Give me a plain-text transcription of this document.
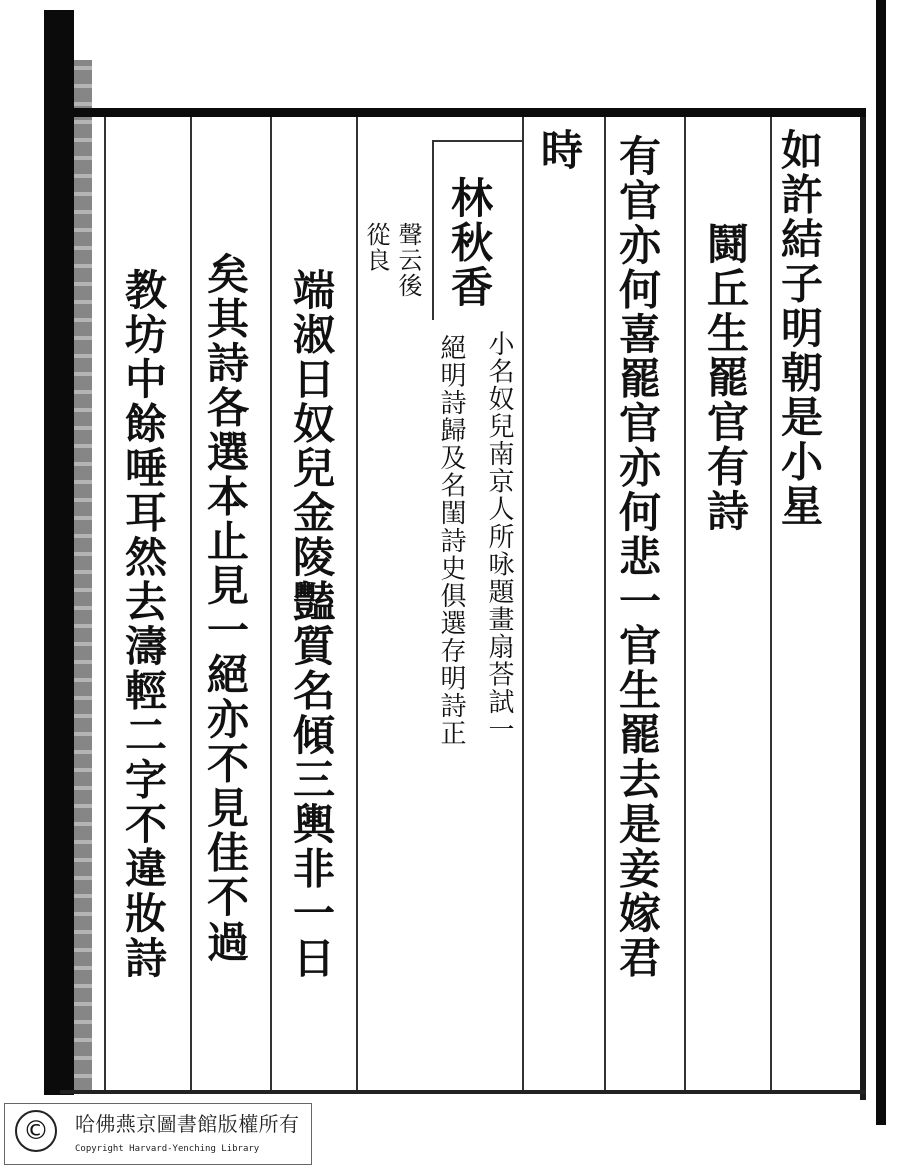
如許結子明朝是小星
鬪丘生罷官有詩
有官亦何喜罷官亦何悲一官生罷去是妾嫁君
時
林秋香
小名奴兒南京人所咏題畫扇荅試一
絕明詩歸及名閨詩史俱選存明詩正
聲云後
從良
端淑日奴兒金陵豔質名傾三輿非一日
矣其詩各選本止見一絕亦不見佳不過
教坊中餘唾耳然去濤輕二字不違妝詩
©	哈佛燕京圖書館版權所有
Copyright Harvard-Yenching Library
